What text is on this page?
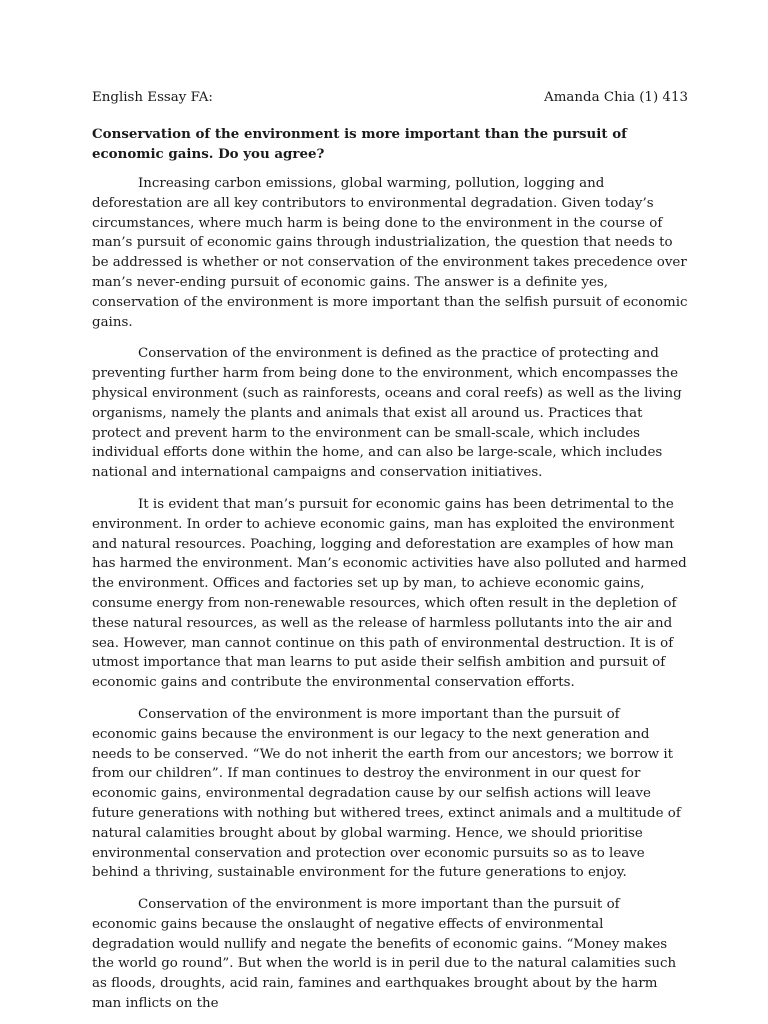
English Essay FA:	Amanda Chia (1) 413
Conservation of the environment is more important than the pursuit of economic gains. Do you agree?

Increasing carbon emissions, global warming, pollution, logging and deforestation are all key contributors to environmental degradation. Given today’s circumstances, where much harm is being done to the environment in the course of man’s pursuit of economic gains through industrialization, the question that needs to be addressed is whether or not conservation of the environment takes precedence over man’s never-ending pursuit of economic gains. The answer is a definite yes, conservation of the environment is more important than the selfish pursuit of economic gains.

Conservation of the environment is defined as the practice of protecting and preventing further harm from being done to the environment, which encompasses the physical environment (such as rainforests, oceans and coral reefs) as well as the living organisms, namely the plants and animals that exist all around us. Practices that protect and prevent harm to the environment can be small-scale, which includes individual efforts done within the home, and can also be large-scale, which includes national and international campaigns and conservation initiatives.

It is evident that man’s pursuit for economic gains has been detrimental to the environment. In order to achieve economic gains, man has exploited the environment and natural resources. Poaching, logging and deforestation are examples of how man has harmed the environment. Man’s economic activities have also polluted and harmed the environment. Offices and factories set up by man, to achieve economic gains, consume energy from non-renewable resources, which often result in the depletion of these natural resources, as well as the release of harmless pollutants into the air and sea. However, man cannot continue on this path of environmental destruction. It is of utmost importance that man learns to put aside their selfish ambition and pursuit of economic gains and contribute the environmental conservation efforts.

Conservation of the environment is more important than the pursuit of economic gains because the environment is our legacy to the next generation and needs to be conserved. “We do not inherit the earth from our ancestors; we borrow it from our children”. If man continues to destroy the environment in our quest for economic gains, environmental degradation cause by our selfish actions will leave future generations with nothing but withered trees, extinct animals and a multitude of natural calamities brought about by global warming. Hence, we should prioritise environmental conservation and protection over economic pursuits so as to leave behind a thriving, sustainable environment for the future generations to enjoy.

Conservation of the environment is more important than the pursuit of economic gains because the onslaught of negative effects of environmental degradation would nullify and negate the benefits of economic gains. “Money makes the world go round”. But when the world is in peril due to the natural calamities such as floods, droughts, acid rain, famines and earthquakes brought about by the harm man inflicts on the
